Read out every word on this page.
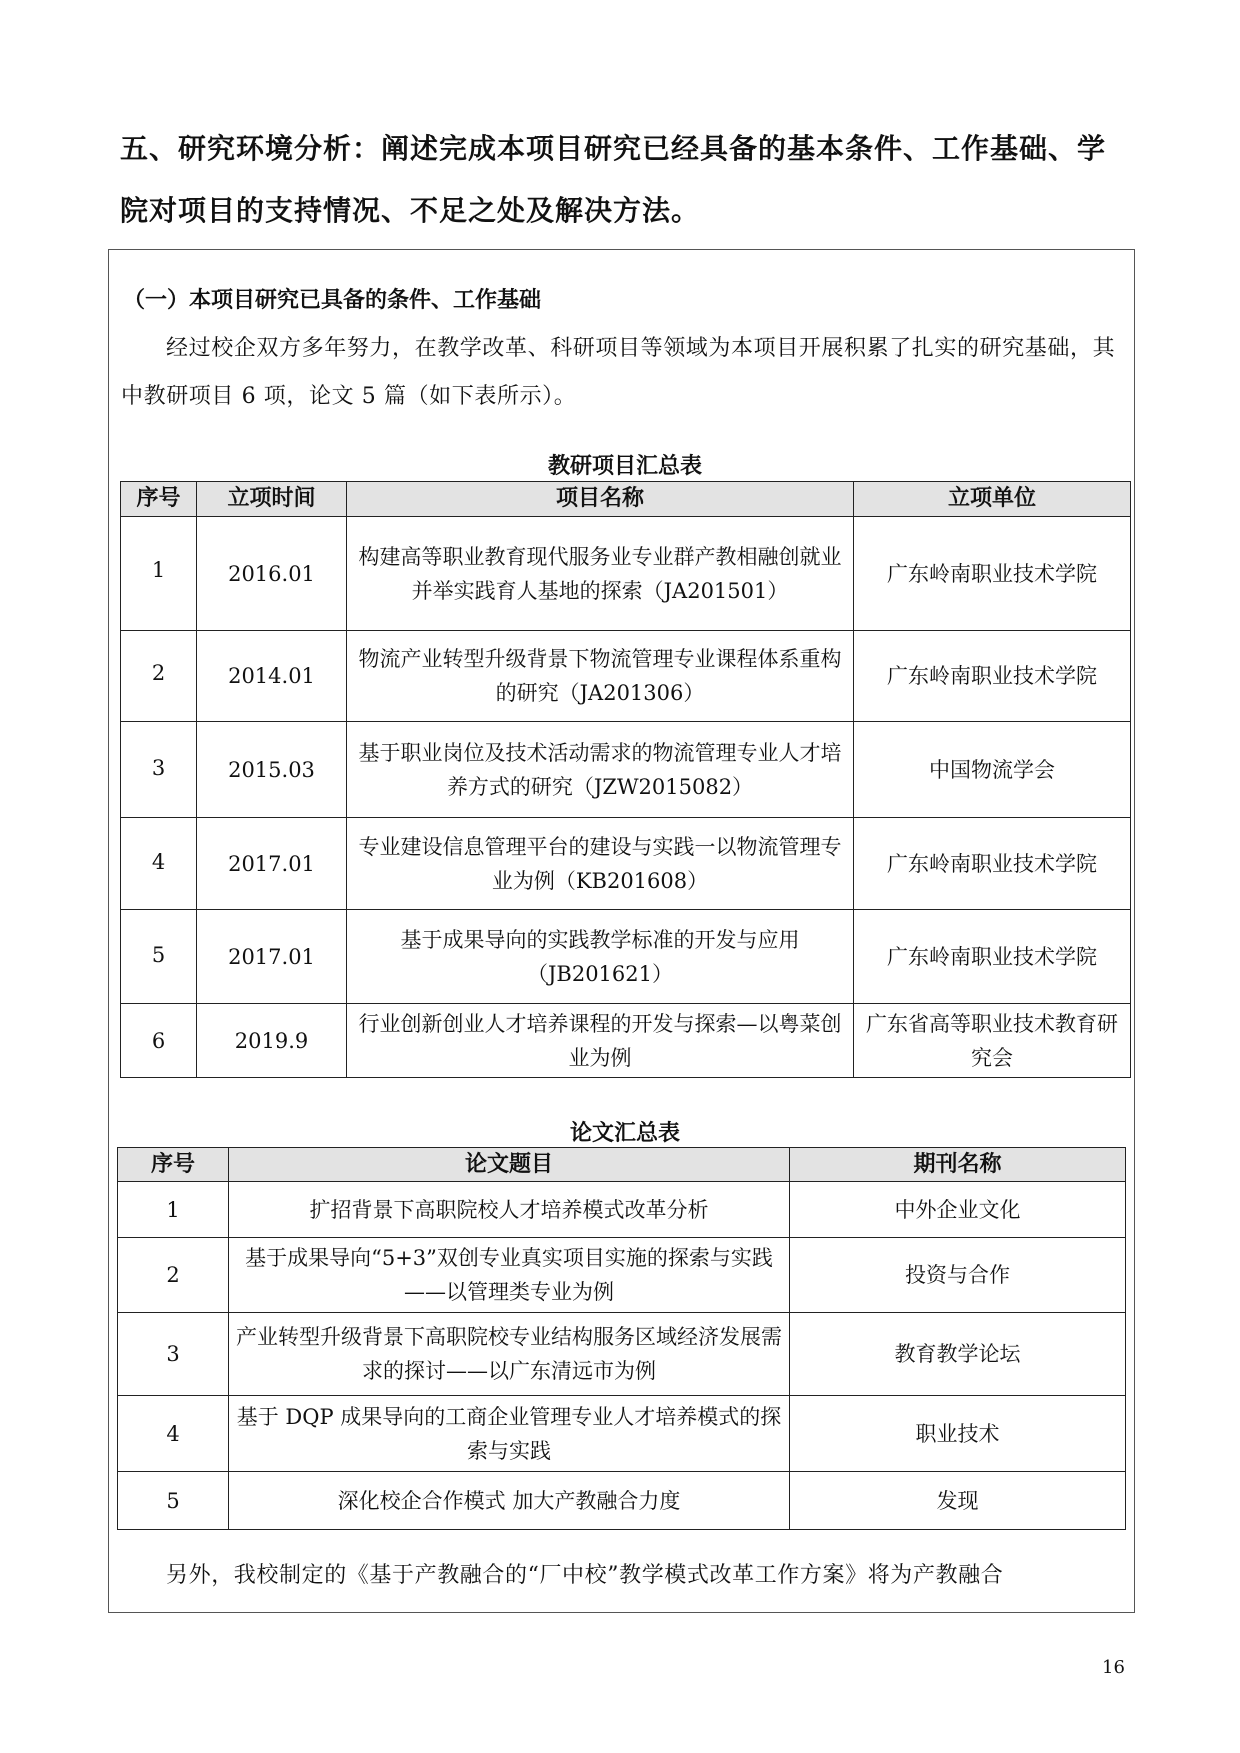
五、研究环境分析：阐述完成本项目研究已经具备的基本条件、工作基础、学院对项目的支持情况、不足之处及解决方法。
（一）本项目研究已具备的条件、工作基础
经过校企双方多年努力，在教学改革、科研项目等领域为本项目开展积累了扎实的研究基础，其中教研项目 6 项，论文 5 篇（如下表所示）。
教研项目汇总表
序号	立项时间	项目名称	立项单位
1	2016.01	构建高等职业教育现代服务业专业群产教相融创就业并举实践育人基地的探索（JA201501）	广东岭南职业技术学院
2	2014.01	物流产业转型升级背景下物流管理专业课程体系重构的研究（JA201306）	广东岭南职业技术学院
3	2015.03	基于职业岗位及技术活动需求的物流管理专业人才培养方式的研究（JZW2015082）	中国物流学会
4	2017.01	专业建设信息管理平台的建设与实践一以物流管理专业为例（KB201608）	广东岭南职业技术学院
5	2017.01	基于成果导向的实践教学标准的开发与应用（JB201621）	广东岭南职业技术学院
6	2019.9	行业创新创业人才培养课程的开发与探索—以粤菜创业为例	广东省高等职业技术教育研究会
论文汇总表
序号	论文题目	期刊名称
1	扩招背景下高职院校人才培养模式改革分析	中外企业文化
2	基于成果导向“5+3”双创专业真实项目实施的探索与实践——以管理类专业为例	投资与合作
3	产业转型升级背景下高职院校专业结构服务区域经济发展需求的探讨——以广东清远市为例	教育教学论坛
4	基于 DQP 成果导向的工商企业管理专业人才培养模式的探索与实践	职业技术
5	深化校企合作模式 加大产教融合力度	发现
另外，我校制定的《基于产教融合的“厂中校”教学模式改革工作方案》将为产教融合
16
